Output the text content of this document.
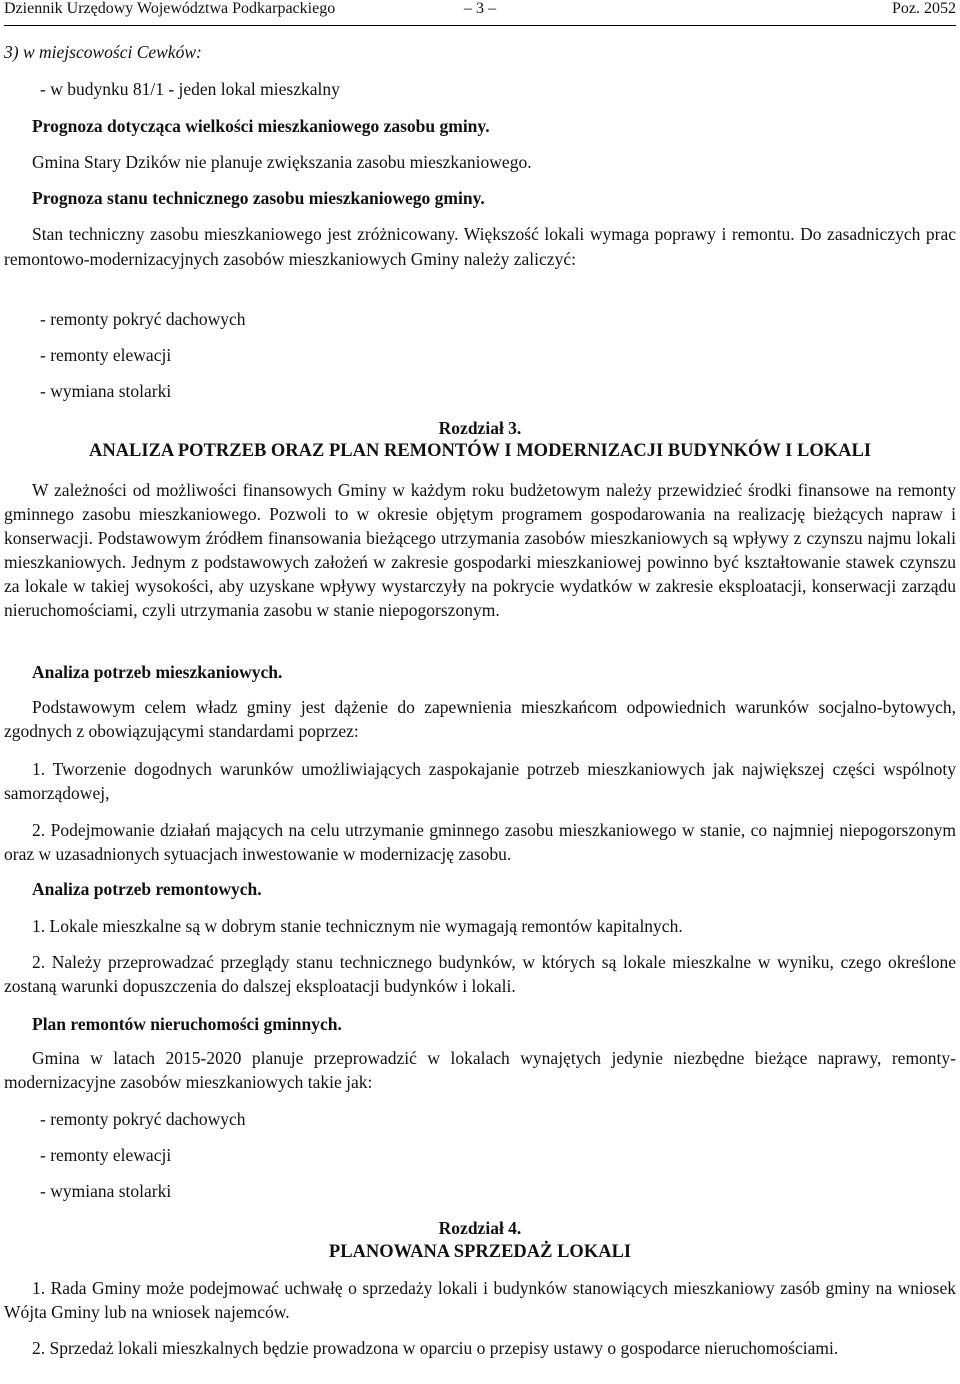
Dziennik Urzędowy Województwa Podkarpackiego	– 3 –	Poz. 2052
3) w miejscowości Cewków:
- w budynku 81/1 - jeden lokal mieszkalny
Prognoza dotycząca wielkości mieszkaniowego zasobu gminy.
Gmina Stary Dzików nie planuje zwiększania zasobu mieszkaniowego.
Prognoza stanu technicznego zasobu mieszkaniowego gminy.
Stan techniczny zasobu mieszkaniowego jest zróżnicowany. Większość lokali wymaga poprawy i remontu. Do zasadniczych prac remontowo-modernizacyjnych zasobów mieszkaniowych Gminy należy zaliczyć:
- remonty pokryć dachowych
- remonty elewacji
- wymiana stolarki
Rozdział 3.
ANALIZA POTRZEB ORAZ PLAN REMONTÓW I MODERNIZACJI BUDYNKÓW I LOKALI
W zależności od możliwości finansowych Gminy w każdym roku budżetowym należy przewidzieć środki finansowe na remonty gminnego zasobu mieszkaniowego. Pozwoli to w okresie objętym programem gospodarowania na realizację bieżących napraw i konserwacji. Podstawowym źródłem finansowania bieżącego utrzymania zasobów mieszkaniowych są wpływy z czynszu najmu lokali mieszkaniowych. Jednym z podstawowych założeń w zakresie gospodarki mieszkaniowej powinno być kształtowanie stawek czynszu za lokale w takiej wysokości, aby uzyskane wpływy wystarczyły na pokrycie wydatków w zakresie eksploatacji, konserwacji zarządu nieruchomościami, czyli utrzymania zasobu w stanie niepogorszonym.
Analiza potrzeb mieszkaniowych.
Podstawowym celem władz gminy jest dążenie do zapewnienia mieszkańcom odpowiednich warunków socjalno-bytowych, zgodnych z obowiązującymi standardami poprzez:
1. Tworzenie dogodnych warunków umożliwiających zaspokajanie potrzeb mieszkaniowych jak największej części wspólnoty samorządowej,
2. Podejmowanie działań mających na celu utrzymanie gminnego zasobu mieszkaniowego w stanie, co najmniej niepogorszonym oraz w uzasadnionych sytuacjach inwestowanie w modernizację zasobu.
Analiza potrzeb remontowych.
1. Lokale mieszkalne są w dobrym stanie technicznym nie wymagają remontów kapitalnych.
2. Należy przeprowadzać przeglądy stanu technicznego budynków, w których są lokale mieszkalne w wyniku, czego określone zostaną warunki dopuszczenia do dalszej eksploatacji budynków i lokali.
Plan remontów nieruchomości gminnych.
Gmina w latach 2015-2020 planuje przeprowadzić w lokalach wynajętych jedynie niezbędne bieżące naprawy, remonty-modernizacyjne zasobów mieszkaniowych takie jak:
- remonty pokryć dachowych
- remonty elewacji
- wymiana stolarki
Rozdział 4.
PLANOWANA SPRZEDAŻ LOKALI
1. Rada Gminy może podejmować uchwałę o sprzedaży lokali i budynków stanowiących mieszkaniowy zasób gminy na wniosek Wójta Gminy lub na wniosek najemców.
2. Sprzedaż lokali mieszkalnych będzie prowadzona w oparciu o przepisy ustawy o gospodarce nieruchomościami.
